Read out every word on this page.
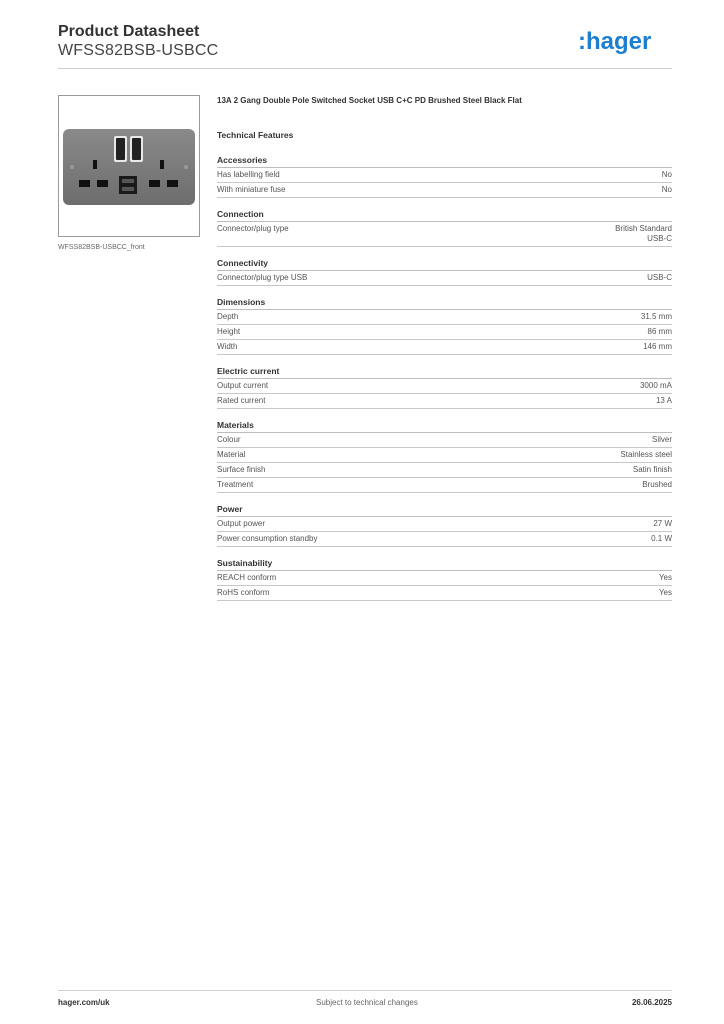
Product Datasheet
WFSS82BSB-USBCC	:hager
WFSS82BSB-USBCC_front
13A 2 Gang Double Pole Switched Socket USB C+C PD Brushed Steel Black Flat
Technical Features
Accessories
Has labelling field	No
With miniature fuse	No
Connection
Connector/plug type	British Standard
USB-C
Connectivity
Connector/plug type USB	USB-C
Dimensions
Depth	31.5 mm
Height	86 mm
Width	146 mm
Electric current
Output current	3000 mA
Rated current	13 A
Materials
Colour	Silver
Material	Stainless steel
Surface finish	Satin finish
Treatment	Brushed
Power
Output power	27 W
Power consumption standby	0.1 W
Sustainability
REACH conform	Yes
RoHS conform	Yes
hager.com/uk	Subject to technical changes	26.06.2025
